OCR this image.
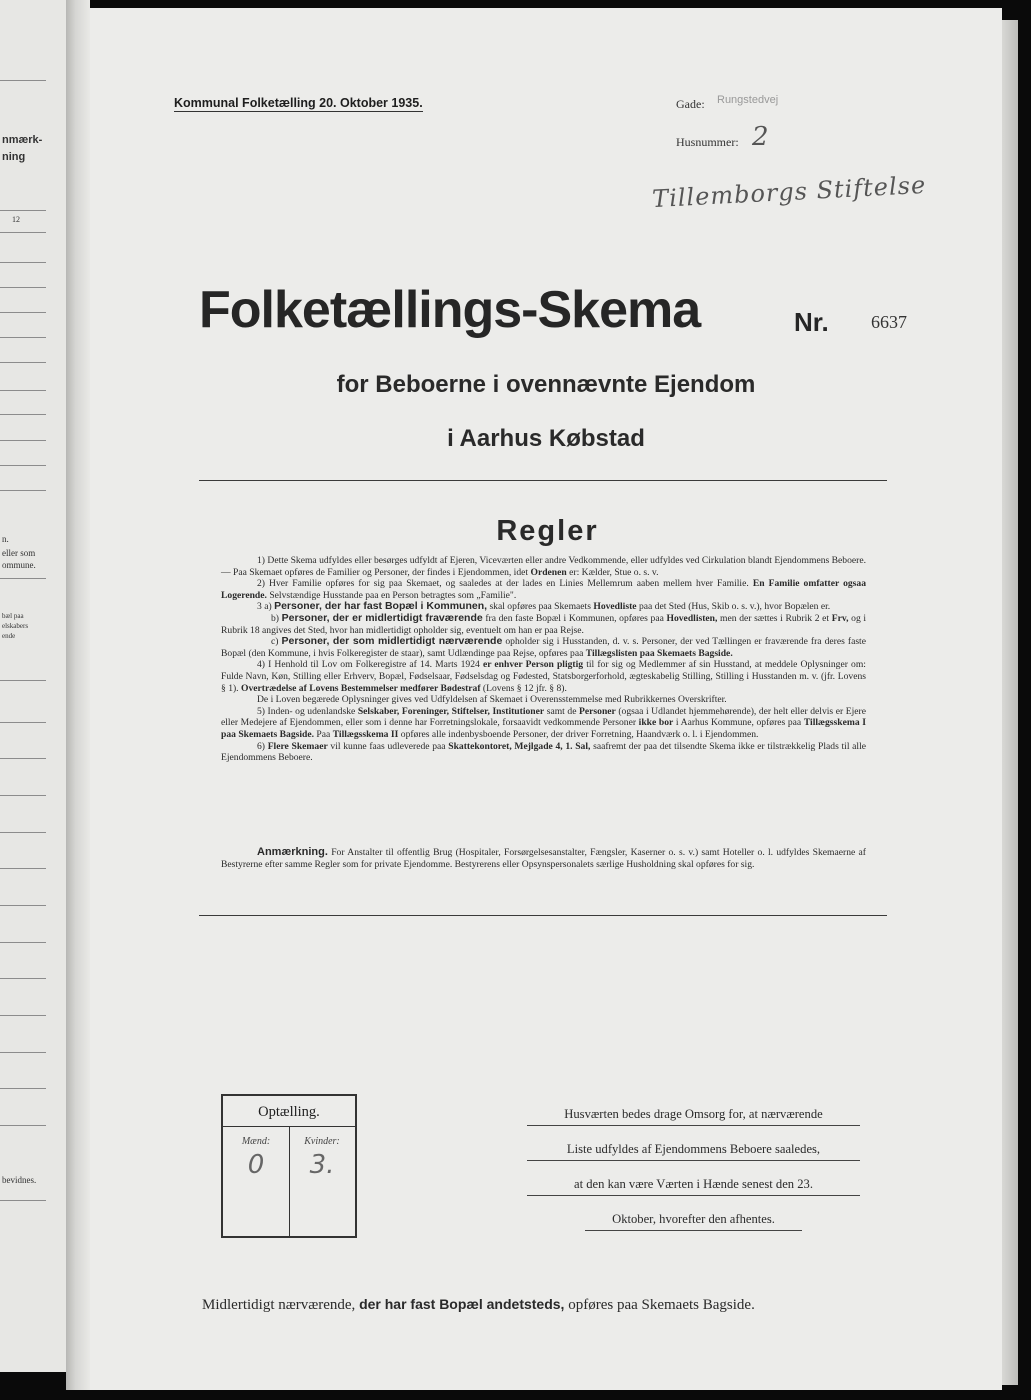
nmærk-
ning
12
n.
eller som
ommune.
bæl paa
elskabers
ende
bevidnes.
Kommunal Folketælling 20. Oktober 1935.	Gade: Rungstedvej
Husnummer: 2
Tillemborgs Stiftelse
Folketællings-Skema	Nr. 6637
for Beboerne i ovennævnte Ejendom
i Aarhus Købstad
Regler

1) Dette Skema udfyldes eller besørges udfyldt af Ejeren, Viceværten eller andre Vedkommende, eller udfyldes ved Cirkulation blandt Ejendommens Beboere. — Paa Skemaet opføres de Familier og Personer, der findes i Ejendommen, idet Ordenen er: Kælder, Stue o. s. v.

2) Hver Familie opføres for sig paa Skemaet, og saaledes at der lades en Linies Mellemrum aaben mellem hver Familie. En Familie omfatter ogsaa Logerende. Selvstændige Husstande paa en Person betragtes som „Familie".

3 a) Personer, der har fast Bopæl i Kommunen, skal opføres paa Skemaets Hovedliste paa det Sted (Hus, Skib o. s. v.), hvor Bopælen er.

b) Personer, der er midlertidigt fraværende fra den faste Bopæl i Kommunen, opføres paa Hovedlisten, men der sættes i Rubrik 2 et Frv, og i Rubrik 18 angives det Sted, hvor han midlertidigt opholder sig, eventuelt om han er paa Rejse.

c) Personer, der som midlertidigt nærværende opholder sig i Husstanden, d. v. s. Personer, der ved Tællingen er fraværende fra deres faste Bopæl (den Kommune, i hvis Folkeregister de staar), samt Udlændinge paa Rejse, opføres paa Tillægslisten paa Skemaets Bagside.

4) I Henhold til Lov om Folkeregistre af 14. Marts 1924 er enhver Person pligtig til for sig og Medlemmer af sin Husstand, at meddele Oplysninger om: Fulde Navn, Køn, Stilling eller Erhverv, Bopæl, Fødselsaar, Fødselsdag og Fødested, Statsborgerforhold, ægteskabelig Stilling, Stilling i Husstanden m. v. (jfr. Lovens § 1). Overtrædelse af Lovens Bestemmelser medfører Bødestraf (Lovens § 12 jfr. § 8).

De i Loven begærede Oplysninger gives ved Udfyldelsen af Skemaet i Overensstemmelse med Rubrikkernes Overskrifter.

5) Inden- og udenlandske Selskaber, Foreninger, Stiftelser, Institutioner samt de Personer (ogsaa i Udlandet hjemmehørende), der helt eller delvis er Ejere eller Medejere af Ejendommen, eller som i denne har Forretningslokale, forsaavidt vedkommende Personer ikke bor i Aarhus Kommune, opføres paa Tillægsskema I paa Skemaets Bagside. Paa Tillægsskema II opføres alle indenbysboende Personer, der driver Forretning, Haandværk o. l. i Ejendommen.

6) Flere Skemaer vil kunne faas udleverede paa Skattekontoret, Mejlgade 4, 1. Sal, saafremt der paa det tilsendte Skema ikke er tilstrækkelig Plads til alle Ejendommens Beboere.

Anmærkning. For Anstalter til offentlig Brug (Hospitaler, Forsørgelsesanstalter, Fængsler, Kaserner o. s. v.) samt Hoteller o. l. udfyldes Skemaerne af Bestyrerne efter samme Regler som for private Ejendomme. Bestyrerens eller Opsynspersonalets særlige Husholdning skal opføres for sig.

Optælling.
Mænd:	Kvinder:
0	3.
Husværten bedes drage Omsorg for, at nærværende
Liste udfyldes af Ejendommens Beboere saaledes,
at den kan være Værten i Hænde senest den 23.
Oktober, hvorefter den afhentes.
Midlertidigt nærværende, der har fast Bopæl andetsteds, opføres paa Skemaets Bagside.
